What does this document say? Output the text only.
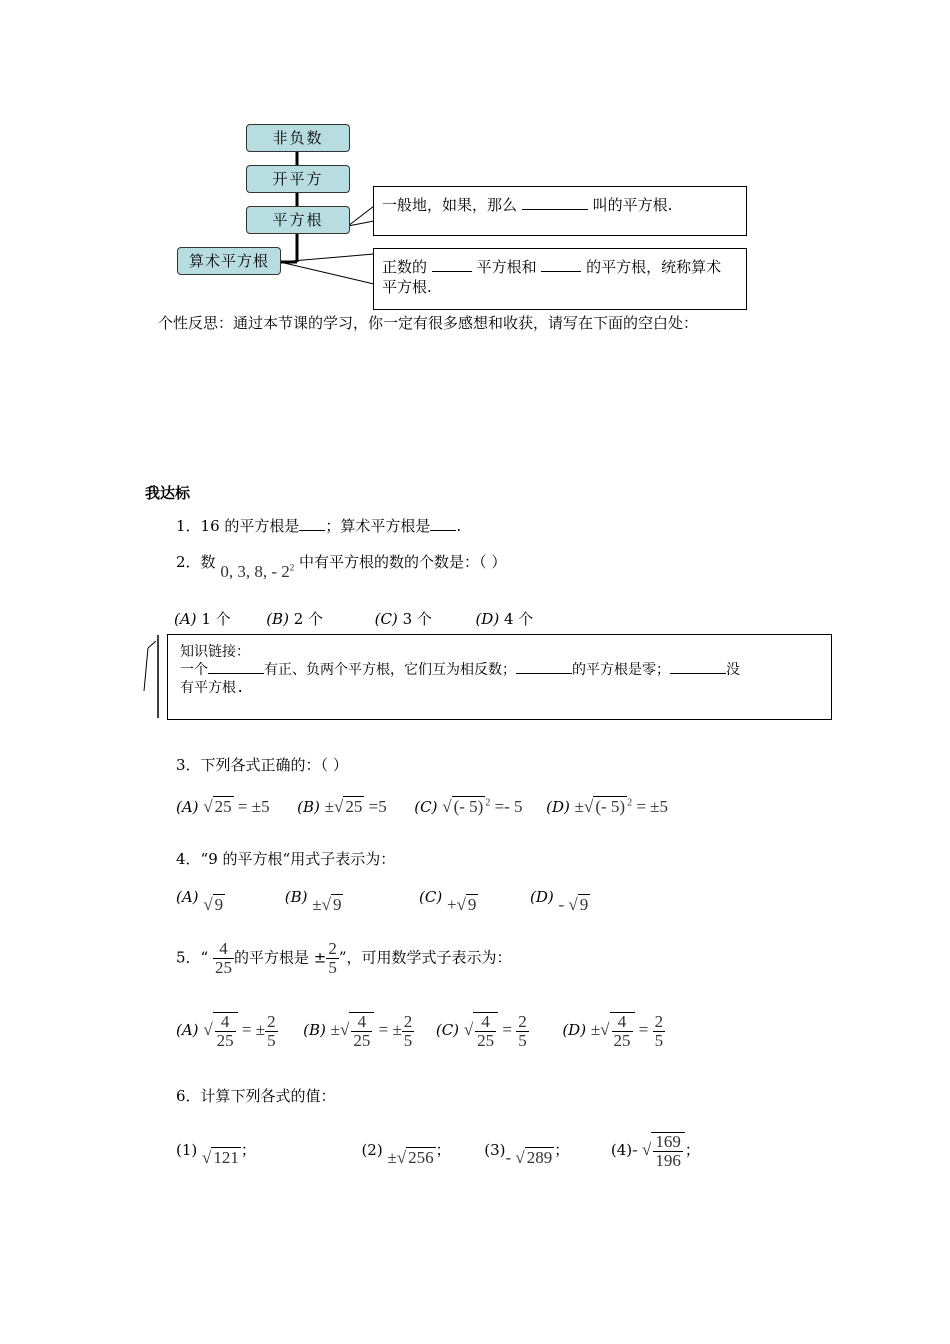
非负数
开平方
平方根
算术平方根
一般地，如果，那么	叫的平方根.
正数的	平方根和	的平方根，统称算术
平方根.
个性反思：通过本节课的学习，你一定有很多感想和收获，请写在下面的空白处：
我达标
1．16 的平方根是 ；算术平方根是 .
2．数 0, 3, 8, - $2^2$ 中有平方根的数的个数是：（ ）
(A) 1 个 (B) 2 个	(C) 3 个	(D) 4 个
知识链接：
一个	有正、负两个平方根，它们互为相反数；	的平方根是零；	没
有平方根.
3．下列各式正确的：（ ）
(A) √ 25 = ±5 (B) ±√ 25 =5 (C) √ (- 5) $^2$ =- 5 (D) ±√ (- 5) $^2$ = ±5
4．“9 的平方根“用式子表示为：
(A) √ 9	(B) ±√ 9	(C) +√ 9	(D) - √ 9
5．“ $\frac{4}{25}$ 的平方根是 ± $\frac{2}{5}$ ”，可用数学式子表示为：
(A) √ $\frac{4}{25}$ = ± $\frac{2}{5} (B)$ ±√ $\frac{4}{25}$ = ± $\frac{2}{5} (C)$ √ $\frac{4}{25} = \frac{2}{5} (D)$ ±√ $\frac{4}{25} = \frac{2}{5}$
6．计算下列各式的值：
(1) √ 121 ；	(2) ±√ 256 ； (3)- √ 289 ；	(4)- √ $\frac{169}{196}$ ；
